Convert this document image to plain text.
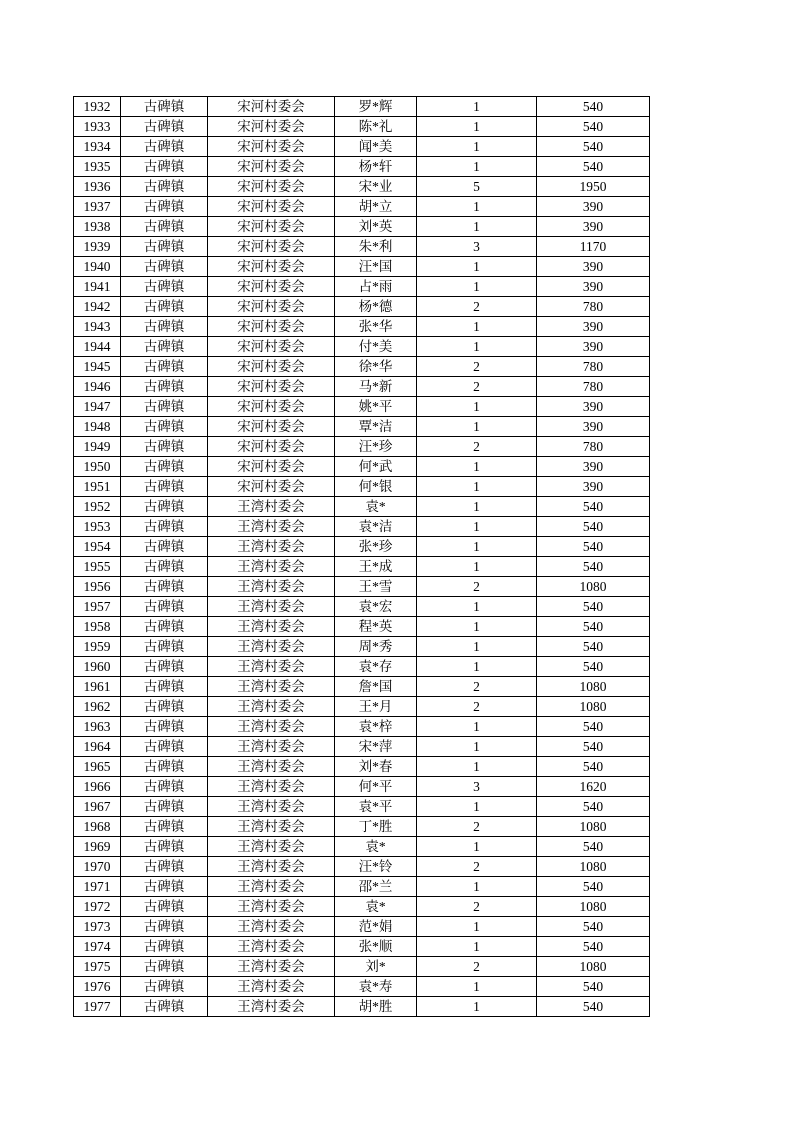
1932	古碑镇	宋河村委会	罗*辉	1	540
1933	古碑镇	宋河村委会	陈*礼	1	540
1934	古碑镇	宋河村委会	闻*美	1	540
1935	古碑镇	宋河村委会	杨*轩	1	540
1936	古碑镇	宋河村委会	宋*业	5	1950
1937	古碑镇	宋河村委会	胡*立	1	390
1938	古碑镇	宋河村委会	刘*英	1	390
1939	古碑镇	宋河村委会	朱*利	3	1170
1940	古碑镇	宋河村委会	汪*国	1	390
1941	古碑镇	宋河村委会	占*雨	1	390
1942	古碑镇	宋河村委会	杨*德	2	780
1943	古碑镇	宋河村委会	张*华	1	390
1944	古碑镇	宋河村委会	付*美	1	390
1945	古碑镇	宋河村委会	徐*华	2	780
1946	古碑镇	宋河村委会	马*新	2	780
1947	古碑镇	宋河村委会	姚*平	1	390
1948	古碑镇	宋河村委会	覃*洁	1	390
1949	古碑镇	宋河村委会	汪*珍	2	780
1950	古碑镇	宋河村委会	何*武	1	390
1951	古碑镇	宋河村委会	何*银	1	390
1952	古碑镇	王湾村委会	袁*	1	540
1953	古碑镇	王湾村委会	袁*洁	1	540
1954	古碑镇	王湾村委会	张*珍	1	540
1955	古碑镇	王湾村委会	王*成	1	540
1956	古碑镇	王湾村委会	王*雪	2	1080
1957	古碑镇	王湾村委会	袁*宏	1	540
1958	古碑镇	王湾村委会	程*英	1	540
1959	古碑镇	王湾村委会	周*秀	1	540
1960	古碑镇	王湾村委会	袁*存	1	540
1961	古碑镇	王湾村委会	詹*国	2	1080
1962	古碑镇	王湾村委会	王*月	2	1080
1963	古碑镇	王湾村委会	袁*梓	1	540
1964	古碑镇	王湾村委会	宋*萍	1	540
1965	古碑镇	王湾村委会	刘*春	1	540
1966	古碑镇	王湾村委会	何*平	3	1620
1967	古碑镇	王湾村委会	袁*平	1	540
1968	古碑镇	王湾村委会	丁*胜	2	1080
1969	古碑镇	王湾村委会	袁*	1	540
1970	古碑镇	王湾村委会	汪*铃	2	1080
1971	古碑镇	王湾村委会	邵*兰	1	540
1972	古碑镇	王湾村委会	袁*	2	1080
1973	古碑镇	王湾村委会	范*娟	1	540
1974	古碑镇	王湾村委会	张*顺	1	540
1975	古碑镇	王湾村委会	刘*	2	1080
1976	古碑镇	王湾村委会	袁*寿	1	540
1977	古碑镇	王湾村委会	胡*胜	1	540
